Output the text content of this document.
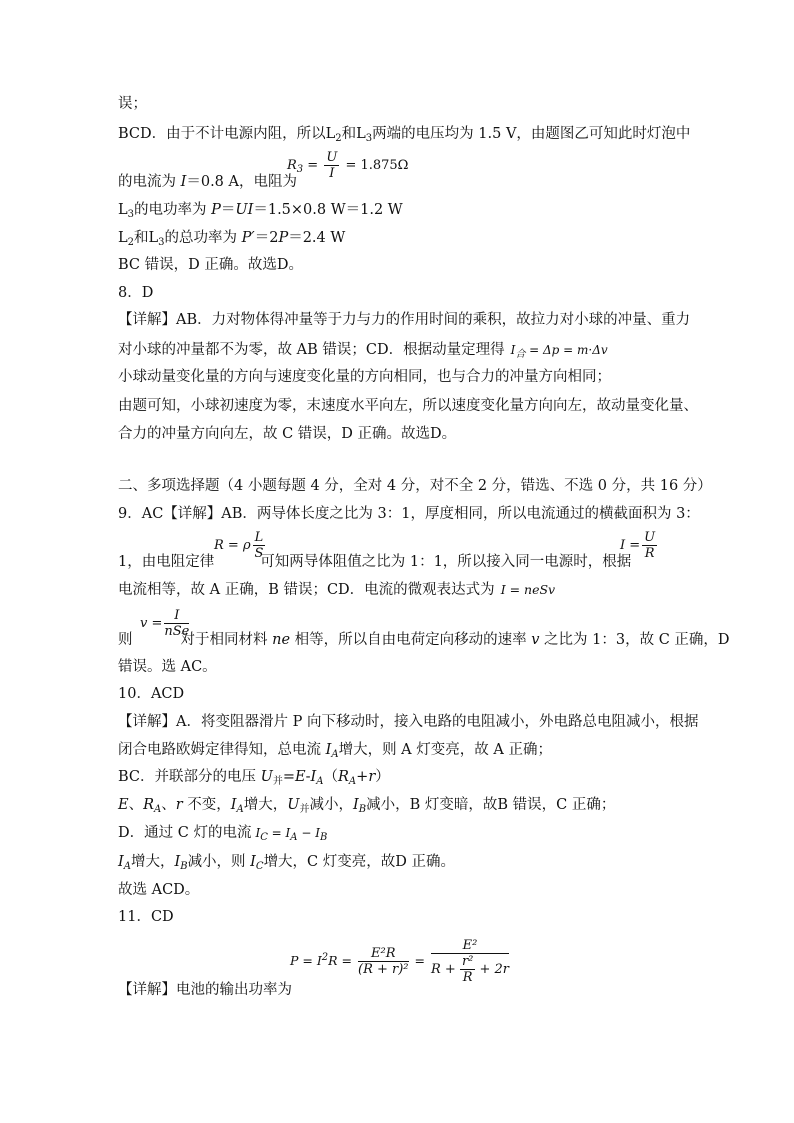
误；
BCD．由于不计电源内阻，所以$L_2$和$L_3$两端的电压均为 1.5 V，由题图乙可知此时灯泡中
$R_3 = \frac{U}{I} = 1.875\Omega$
的电流为 I＝0.8 A，电阻为
$L_3$的电功率为 P＝UI＝1.5×0.8 W＝1.2 W
$L_2$和$L_3$的总功率为 P′＝2P＝2.4 W
BC 错误，D 正确。故选D。
8．D
【详解】AB．力对物体得冲量等于力与力的作用时间的乘积，故拉力对小球的冲量、重力
对小球的冲量都不为零，故 AB 错误；CD．根据动量定理得 $I_合 = \Delta p = m\cdot\Delta v$
小球动量变化量的方向与速度变化量的方向相同，也与合力的冲量方向相同；
由题可知，小球初速度为零，末速度水平向左，所以速度变化量方向向左，故动量变化量、
合力的冲量方向向左，故 C 错误，D 正确。故选D。
二、多项选择题（4 小题每题 4 分，全对 4 分，对不全 2 分，错选、不选 0 分，共 16 分）
9．AC【详解】AB．两导体长度之比为 3：1，厚度相同，所以电流通过的横截面积为 3：
R = ρ $\frac{L}{S}$	$I = \frac{U}{R}$
1，由电阻定律	可知两导体阻值之比为 1：1，所以接入同一电源时，根据
电流相等，故 A 正确，B 错误；CD．电流的微观表达式为 I = neSv
$v = \frac{I}{\text{nSe}}$
则	对于相同材料 ne 相等，所以自由电荷定向移动的速率 v 之比为 1：3，故 C 正确，D
错误。选 AC。
10．ACD
【详解】A．将变阻器滑片 P 向下移动时，接入电路的电阻减小，外电路总电阻减小，根据
闭合电路欧姆定律得知，总电流 $I_A$增大，则 A 灯变亮，故 A 正确；
BC．并联部分的电压 $U_并=E-I_A(R_A+r)$
E、$R_A$、r 不变，$I_A$增大，$U_并$减小，$I_B$减小，B 灯变暗，故B 错误，C 正确；
D．通过 C 灯的电流 $I_C = I_A - I_B$
$I_A$增大，$I_B$减小，则 $I_C$增大，C 灯变亮，故D 正确。
故选 ACD。
11．CD
$P = I^2R = \frac{\text{E²R}}{\text{(R + r)²}} = \frac{\text{E²}}{R + \frac{\text{r²}}{R} + 2r}$
【详解】电池的输出功率为
